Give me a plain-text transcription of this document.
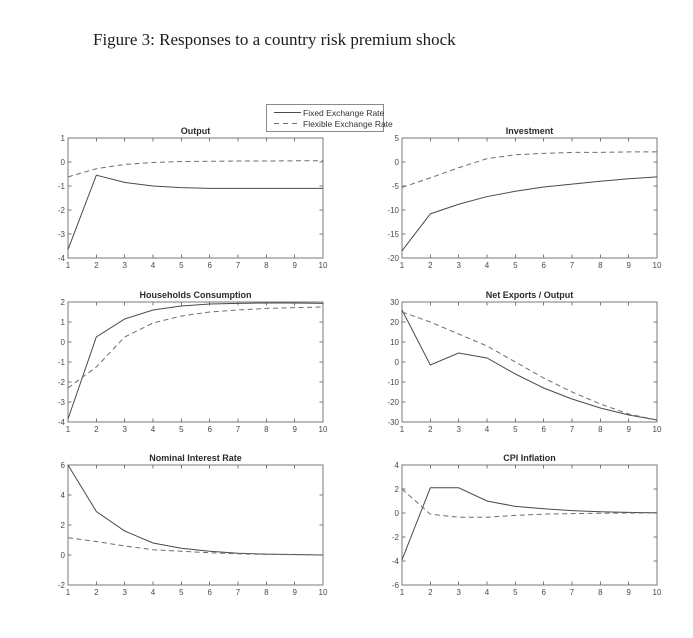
Figure 3: Responses to a country risk premium shock
Fixed Exchange Rate
Flexible Exchange Rate
Output
1	2	3	4	5	6	7	8	9	10
1
0
-1
-2
-3
-4
Investment
1	2	3	4	5	6	7	8	9	10
5
0
-5
-10
-15
-20
Households Consumption
1	2	3	4	5	6	7	8	9	10
2
1
0
-1
-2
-3
-4
Net Exports / Output
1	2	3	4	5	6	7	8	9	10
30
20
10
0
-10
-20
-30
Nominal Interest Rate
1	2	3	4	5	6	7	8	9	10
6
4
2
0
-2
CPI Inflation
1	2	3	4	5	6	7	8	9	10
4
2
0
-2
-4
-6
